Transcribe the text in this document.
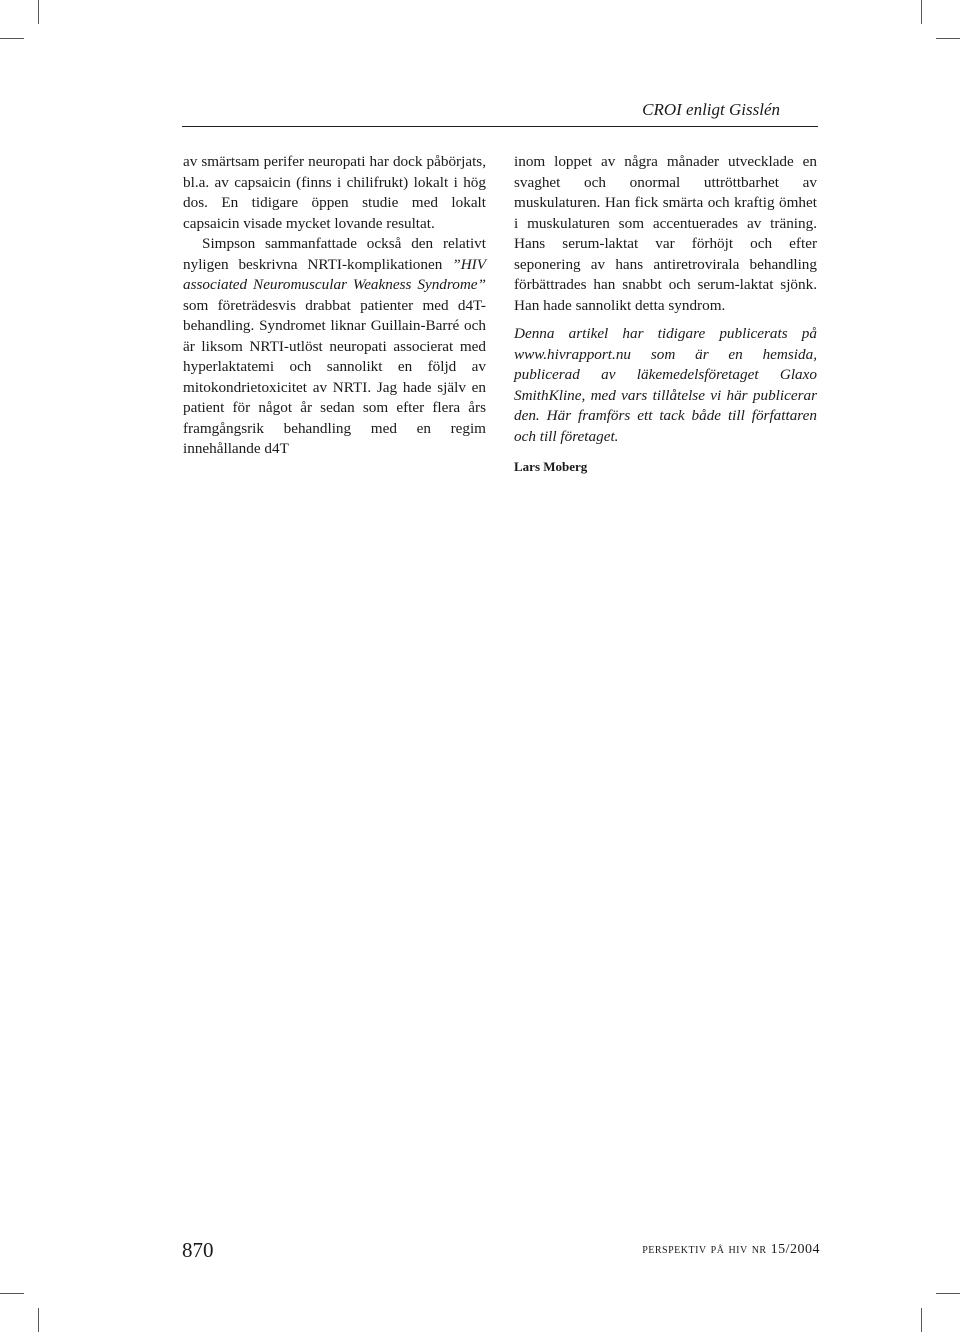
CROI enligt Gisslén

av smärtsam perifer neuropati har dock påbörjats, bl.a. av capsaicin (finns i chilifrukt) lokalt i hög dos. En tidigare öppen studie med lokalt capsaicin visade mycket lovande resultat.

Simpson sammanfattade också den relativt nyligen beskrivna NRTI-komplikationen ”HIV associated Neuromuscular Weakness Syndrome” som företrädesvis drabbat patienter med d4T-behandling. Syndromet liknar Guillain-Barré och är liksom NRTI-utlöst neuropati associerat med hyperlaktatemi och sannolikt en följd av mitokondrietoxicitet av NRTI. Jag hade själv en patient för något år sedan som efter flera års framgångsrik behandling med en regim innehållande d4T

inom loppet av några månader utvecklade en svaghet och onormal uttröttbarhet av muskulaturen. Han fick smärta och kraftig ömhet i muskulaturen som accentuerades av träning. Hans serum-laktat var förhöjt och efter seponering av hans antiretrovirala behandling förbättrades han snabbt och serum-laktat sjönk. Han hade sannolikt detta syndrom.

Denna artikel har tidigare publicerats på www.hivrapport.nu som är en hemsida, publicerad av läkemedelsföretaget Glaxo SmithKline, med vars tillåtelse vi här publicerar den. Här framförs ett tack både till författaren och till företaget.

Lars Moberg

870	perspektiv på hiv nr 15/2004
